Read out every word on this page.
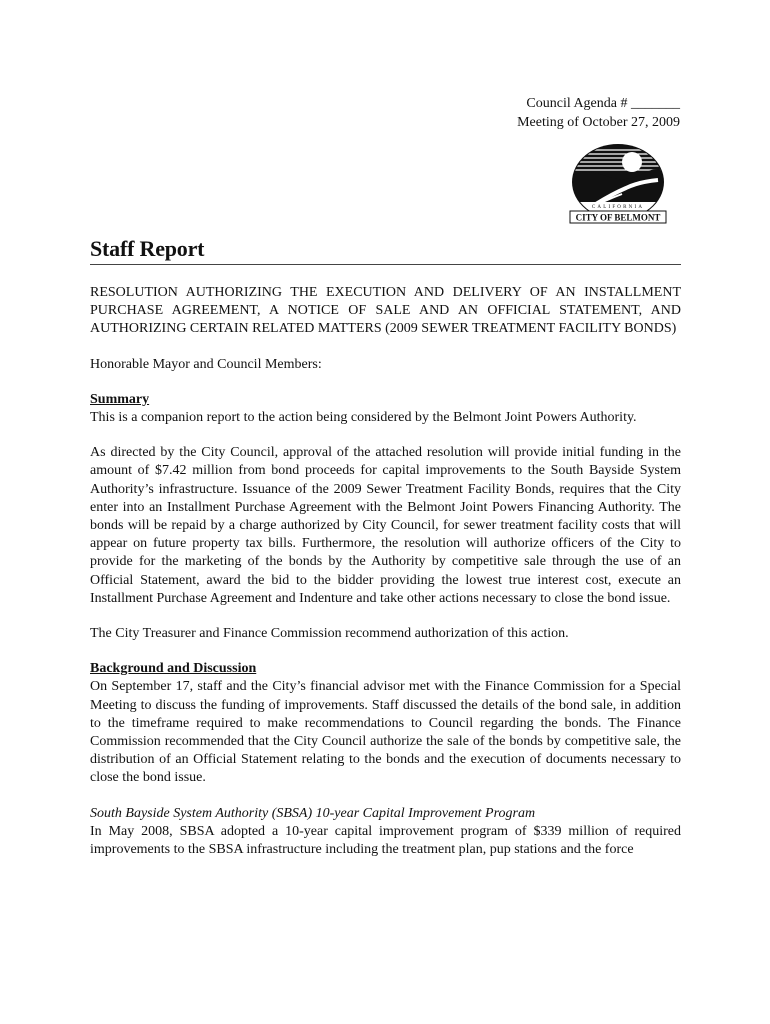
Council Agenda # _______
Meeting of October 27, 2009
CALIFORNIA
CITY OF BELMONT
Staff Report

RESOLUTION AUTHORIZING THE EXECUTION AND DELIVERY OF AN INSTALLMENT PURCHASE AGREEMENT, A NOTICE OF SALE AND AN OFFICIAL STATEMENT, AND AUTHORIZING CERTAIN RELATED MATTERS (2009 SEWER TREATMENT FACILITY BONDS)

Honorable Mayor and Council Members:

Summary
This is a companion report to the action being considered by the Belmont Joint Powers Authority.

As directed by the City Council, approval of the attached resolution will provide initial funding in the amount of $7.42 million from bond proceeds for capital improvements to the South Bayside System Authority’s infrastructure. Issuance of the 2009 Sewer Treatment Facility Bonds, requires that the City enter into an Installment Purchase Agreement with the Belmont Joint Powers Financing Authority. The bonds will be repaid by a charge authorized by City Council, for sewer treatment facility costs that will appear on future property tax bills. Furthermore, the resolution will authorize officers of the City to provide for the marketing of the bonds by the Authority by competitive sale through the use of an Official Statement, award the bid to the bidder providing the lowest true interest cost, execute an Installment Purchase Agreement and Indenture and take other actions necessary to close the bond issue.

The City Treasurer and Finance Commission recommend authorization of this action.

Background and Discussion
On September 17, staff and the City’s financial advisor met with the Finance Commission for a Special Meeting to discuss the funding of improvements. Staff discussed the details of the bond sale, in addition to the timeframe required to make recommendations to Council regarding the bonds. The Finance Commission recommended that the City Council authorize the sale of the bonds by competitive sale, the distribution of an Official Statement relating to the bonds and the execution of documents necessary to close the bond issue.

South Bayside System Authority (SBSA) 10-year Capital Improvement Program
In May 2008, SBSA adopted a 10-year capital improvement program of $339 million of required improvements to the SBSA infrastructure including the treatment plan, pup stations and the force
